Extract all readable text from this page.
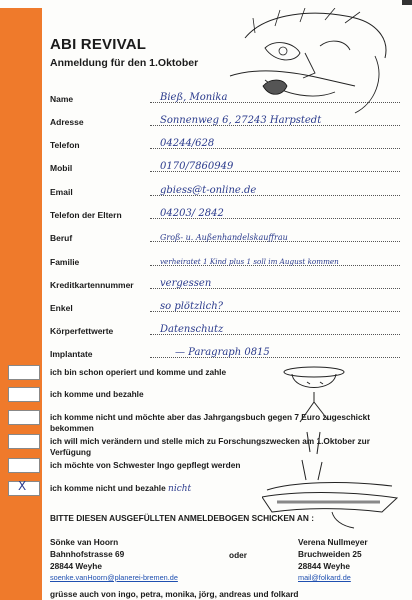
ABI REVIVAL
Anmeldung für den 1.Oktober
Name	Bieß, Monika
Adresse	Sonnenweg 6, 27243 Harpstedt
Telefon	04244/628
Mobil	0170/7860949
Email	gbiess@t-online.de
Telefon der Eltern	04203/ 2842
Beruf	Groß- u. Außenhandelskauffrau
Familie	verheiratet 1 Kind plus 1 soll im August kommen
Kreditkartennummer	vergessen
Enkel	so plötzlich?
Körperfettwerte	Datenschutz
Implantate	— Paragraph 0815
ich bin schon operiert und komme und zahle
ich komme und bezahle
ich komme nicht und möchte aber das Jahrgangsbuch gegen 7 Euro zugeschickt bekommen
ich will mich verändern und stelle mich zu Forschungszwecken am 1.Oktober zur Verfügung
ich möchte von Schwester Ingo gepflegt werden
X	ich komme nicht und bezahle nicht
BITTE DIESEN AUSGEFÜLLTEN ANMELDEBOGEN SCHICKEN AN :
Sönke van Hoorn
Bahnhofstrasse 69
28844 Weyhe
soenke.vanHoorn@planerei-bremen.de
oder
Verena Nullmeyer
Bruchweiden 25
28844 Weyhe
mail@folkard.de
grüsse auch von ingo, petra, monika, jörg, andreas und folkard
